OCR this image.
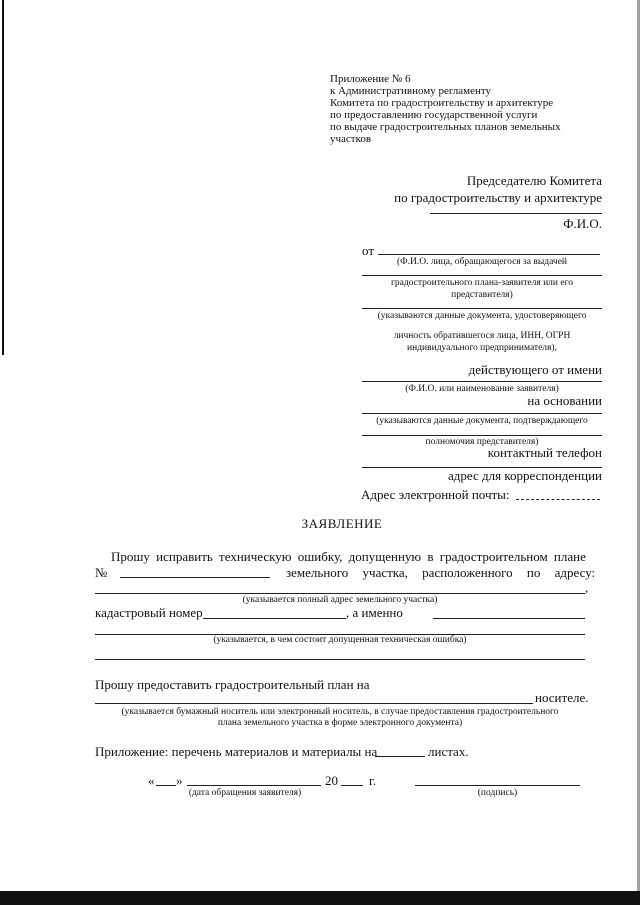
Приложение № 6
к Административному регламенту
Комитета по градостроительству и архитектуре
по предоставлению государственной услуги
по выдаче градостроительных планов земельных
участков
Председателю Комитета
по градостроительству и архитектуре
Ф.И.О.
от
(Ф.И.О. лица, обращающегося за выдачей
градостроительного плана-заявителя или его
представителя)
(указываются данные документа, удостоверяющего
личность обратившегося лица, ИНН, ОГРН
индивидуального предпринимателя),
действующего от имени
(Ф.И.О. или наименование заявителя)
на основании
(указываются данные документа, подтверждающего
полномочия представителя)
контактный телефон
адрес для корреспонденции
Адрес электронной почты:
ЗАЯВЛЕНИЕ
Прошу исправить техническую ошибку, допущенную в градостроительном плане
№	земельного участка, расположенного по адресу:
,
(указывается полный адрес земельного участка)
кадастровый номер	, а именно
(указывается, в чем состоит допущенная техническая ошибка)
Прошу предоставить градостроительный план на
носителе.
(указывается бумажный носитель или электронный носитель, в случае предоставления градостроительного
плана земельного участка в форме электронного документа)
Приложение: перечень материалов и материалы на	листах.
« »	20 г.
(дата обращения заявителя)	(подпись)
